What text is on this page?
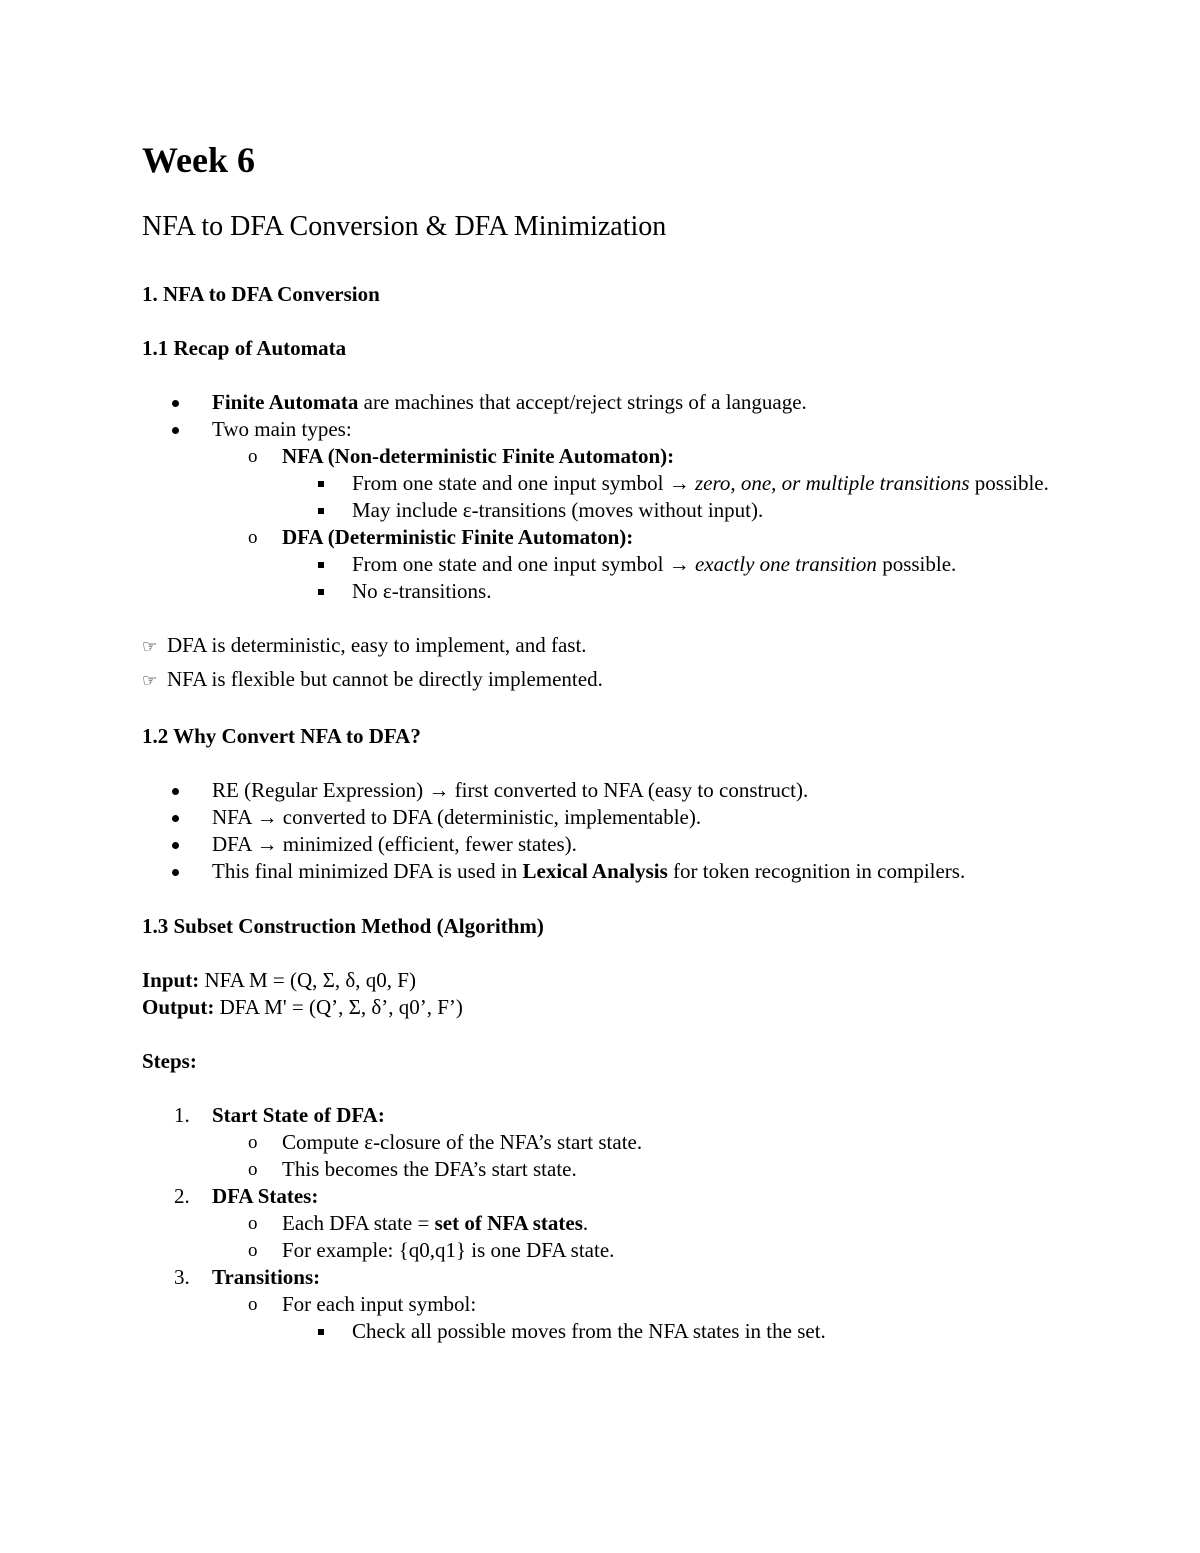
Week 6
NFA to DFA Conversion & DFA Minimization
1. NFA to DFA Conversion
1.1 Recap of Automata
Finite Automata are machines that accept/reject strings of a language.
Two main types:
o NFA (Non-deterministic Finite Automaton):
From one state and one input symbol → zero, one, or multiple transitions possible.
May include ε-transitions (moves without input).
o DFA (Deterministic Finite Automaton):
From one state and one input symbol → exactly one transition possible.
No ε-transitions.
☞ DFA is deterministic, easy to implement, and fast.
☞ NFA is flexible but cannot be directly implemented.
1.2 Why Convert NFA to DFA?
RE (Regular Expression) → first converted to NFA (easy to construct).
NFA → converted to DFA (deterministic, implementable).
DFA → minimized (efficient, fewer states).
This final minimized DFA is used in Lexical Analysis for token recognition in compilers.
1.3 Subset Construction Method (Algorithm)
Input: NFA M = (Q, Σ, δ, q0, F)
Output: DFA M' = (Q’, Σ, δ’, q0’, F’)
Steps:
1. Start State of DFA:
o Compute ε-closure of the NFA’s start state.
o This becomes the DFA’s start state.
2. DFA States:
o Each DFA state = set of NFA states.
o For example: {q0,q1} is one DFA state.
3. Transitions:
o For each input symbol:
Check all possible moves from the NFA states in the set.
